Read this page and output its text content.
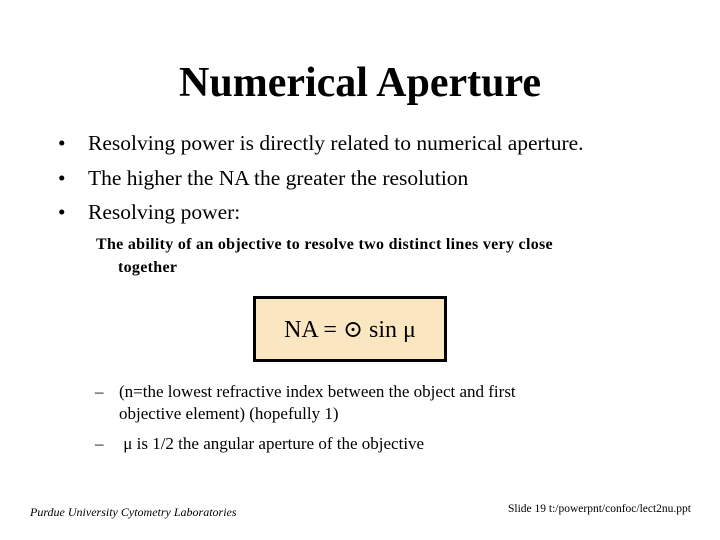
Numerical Aperture
• Resolving power is directly related to numerical aperture.
• The higher the NA the greater the resolution
• Resolving power:
The ability of an objective to resolve two distinct lines very close
together
NA = ⊙ sin μ
– (n=the lowest refractive index between the object and first
objective element) (hopefully 1)
– μ is 1/2 the angular aperture of the objective
Purdue University Cytometry Laboratories	Slide 19 t:/powerpnt/confoc/lect2nu.ppt
